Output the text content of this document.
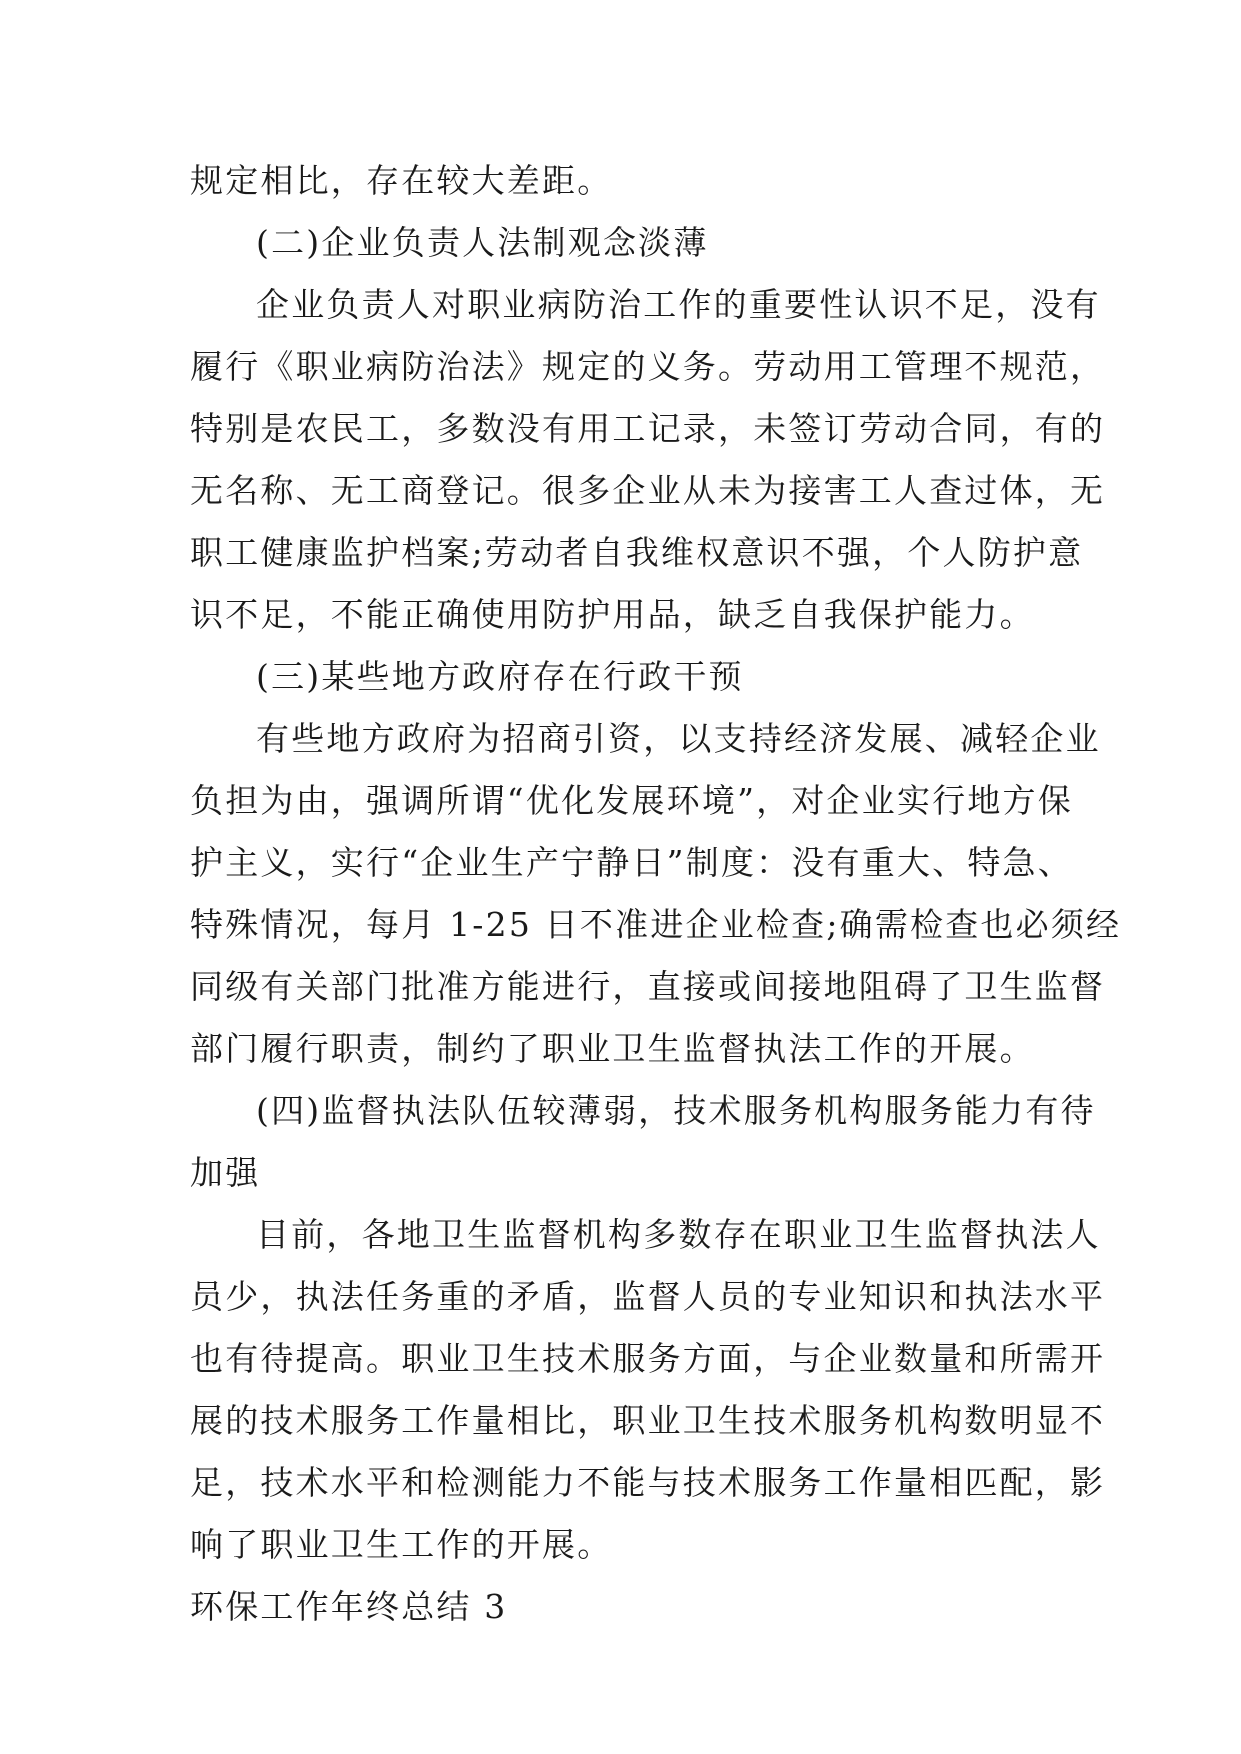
规定相比，存在较大差距。
(二)企业负责人法制观念淡薄
企业负责人对职业病防治工作的重要性认识不足，没有
履行《职业病防治法》规定的义务。劳动用工管理不规范，
特别是农民工，多数没有用工记录，未签订劳动合同，有的
无名称、无工商登记。很多企业从未为接害工人查过体，无
职工健康监护档案;劳动者自我维权意识不强，个人防护意
识不足，不能正确使用防护用品，缺乏自我保护能力。
(三)某些地方政府存在行政干预
有些地方政府为招商引资，以支持经济发展、减轻企业
负担为由，强调所谓“优化发展环境”，对企业实行地方保
护主义，实行“企业生产宁静日”制度：没有重大、特急、
特殊情况，每月 1-25 日不准进企业检查;确需检查也必须经
同级有关部门批准方能进行，直接或间接地阻碍了卫生监督
部门履行职责，制约了职业卫生监督执法工作的开展。
(四)监督执法队伍较薄弱，技术服务机构服务能力有待
加强
目前，各地卫生监督机构多数存在职业卫生监督执法人
员少，执法任务重的矛盾，监督人员的专业知识和执法水平
也有待提高。职业卫生技术服务方面，与企业数量和所需开
展的技术服务工作量相比，职业卫生技术服务机构数明显不
足，技术水平和检测能力不能与技术服务工作量相匹配，影
响了职业卫生工作的开展。
环保工作年终总结 3
